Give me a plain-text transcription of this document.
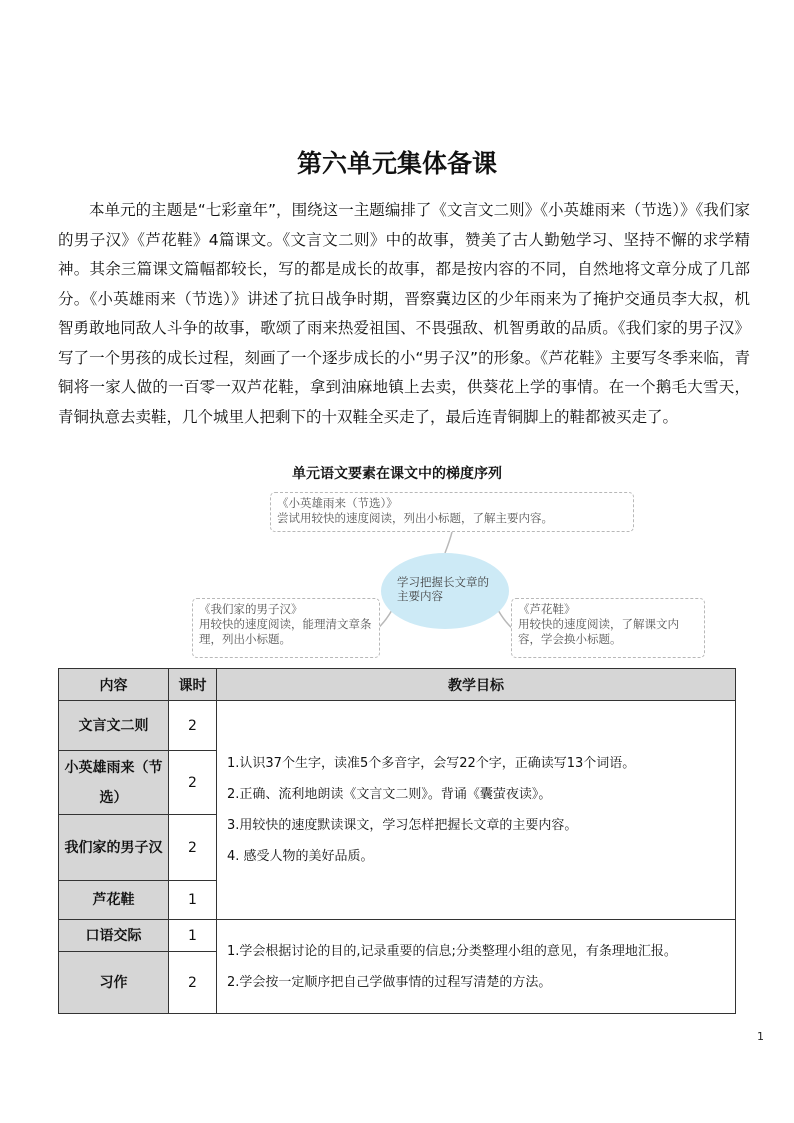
第六单元集体备课

本单元的主题是“七彩童年”，围绕这一主题编排了《文言文二则》《小英雄雨来（节选）》《我们家的男子汉》《芦花鞋》4篇课文。《文言文二则》中的故事，赞美了古人勤勉学习、坚持不懈的求学精神。其余三篇课文篇幅都较长，写的都是成长的故事，都是按内容的不同，自然地将文章分成了几部分。《小英雄雨来（节选）》讲述了抗日战争时期，晋察冀边区的少年雨来为了掩护交通员李大叔，机智勇敢地同敌人斗争的故事，歌颂了雨来热爱祖国、不畏强敌、机智勇敢的品质。《我们家的男子汉》写了一个男孩的成长过程，刻画了一个逐步成长的小“男子汉”的形象。《芦花鞋》主要写冬季来临，青铜将一家人做的一百零一双芦花鞋，拿到油麻地镇上去卖，供葵花上学的事情。在一个鹅毛大雪天，青铜执意去卖鞋，几个城里人把剩下的十双鞋全买走了，最后连青铜脚上的鞋都被买走了。

单元语文要素在课文中的梯度序列
《小英雄雨来（节选）》
尝试用较快的速度阅读，列出小标题，了解主要内容。
学习把握长文章的主要内容
《我们家的男子汉》
用较快的速度阅读，能理清文章条理，列出小标题。
《芦花鞋》
用较快的速度阅读，了解课文内容，学会换小标题。
内容	课时	教学目标
文言文二则	2	1.认识37个生字，读准5个多音字，会写22个字，正确读写13个词语。
2.正确、流利地朗读《文言文二则》。背诵《囊萤夜读》。
3.用较快的速度默读课文，学习怎样把握长文章的主要内容。
4. 感受人物的美好品质。

小英雄雨来（节选）	2	
我们家的男子汉	2	
芦花鞋	1	
口语交际	1	1.学会根据讨论的目的,记录重要的信息;分类整理小组的意见，有条理地汇报。
2.学会按一定顺序把自己学做事情的过程写清楚的方法。

习作	2	
1
